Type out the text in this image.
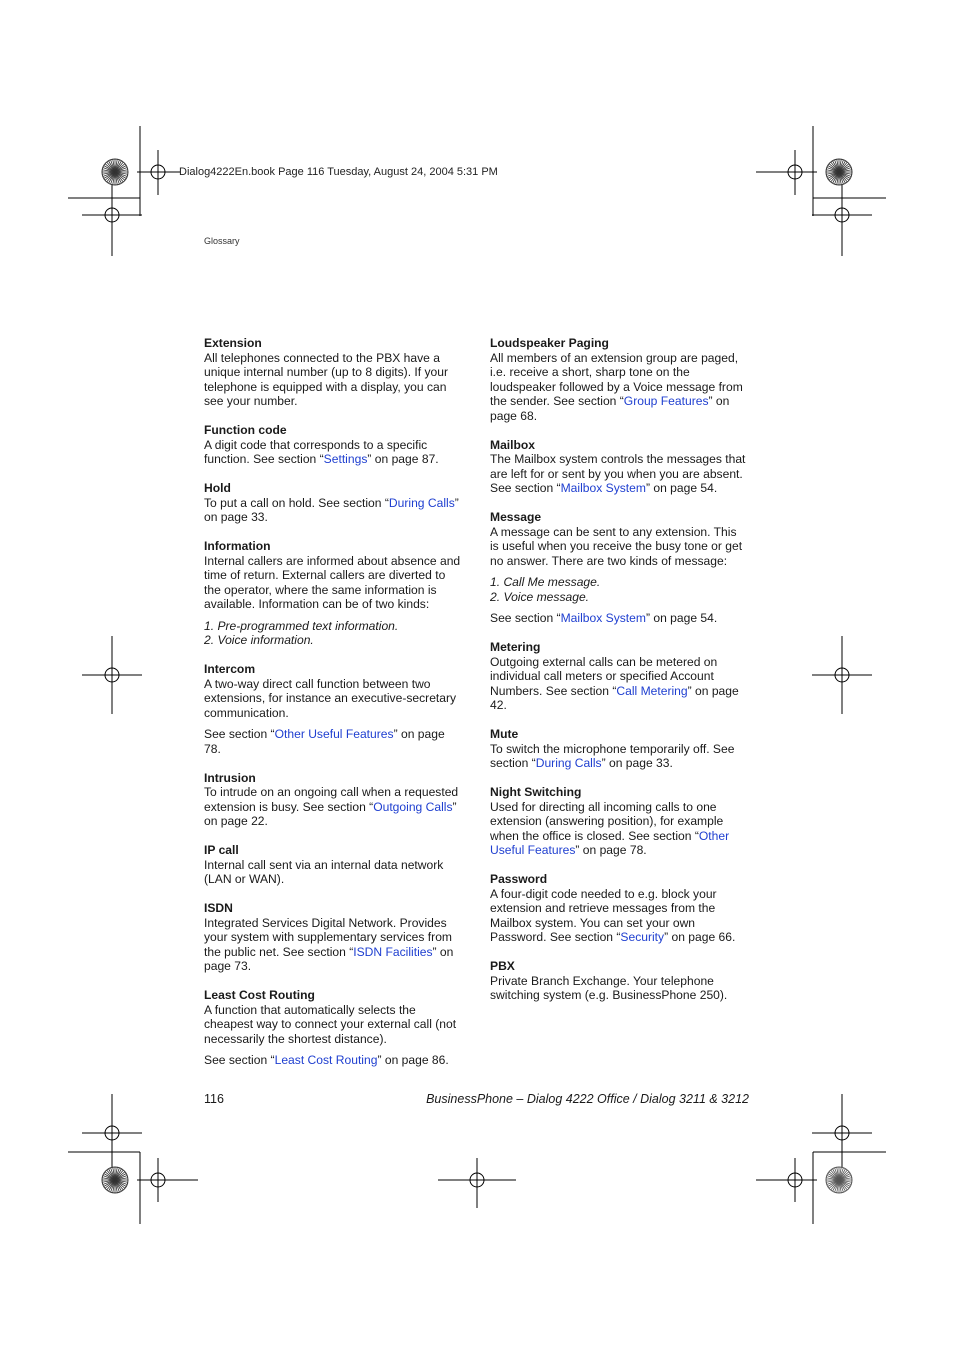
Dialog4222En.book Page 116 Tuesday, August 24, 2004 5:31 PM
Glossary
Extension

All telephones connected to the PBX have a unique internal number (up to 8 digits). If your telephone is equipped with a display, you can see your number.

Function code

A digit code that corresponds to a specific function. See section “Settings” on page 87.

Hold

To put a call on hold. See section “During Calls” on page 33.

Information

Internal callers are informed about absence and time of return. External callers are diverted to the operator, where the same information is available. Information can be of two kinds:

1. Pre-programmed text information.
2. Voice information.
Intercom

A two-way direct call function between two extensions, for instance an executive-secretary communication.

See section “Other Useful Features” on page 78.

Intrusion

To intrude on an ongoing call when a requested extension is busy. See section “Outgoing Calls” on page 22.

IP call

Internal call sent via an internal data network (LAN or WAN).

ISDN

Integrated Services Digital Network. Provides your system with supplementary services from the public net. See section “ISDN Facilities” on page 73.

Least Cost Routing

A function that automatically selects the cheapest way to connect your external call (not necessarily the shortest distance).

See section “Least Cost Routing” on page 86.

Loudspeaker Paging

All members of an extension group are paged, i.e. receive a short, sharp tone on the loudspeaker followed by a Voice message from the sender. See section “Group Features” on page 68.

Mailbox

The Mailbox system controls the messages that are left for or sent by you when you are absent. See section “Mailbox System” on page 54.

Message

A message can be sent to any extension. This is useful when you receive the busy tone or get no answer. There are two kinds of message:

1. Call Me message.
2. Voice message.

See section “Mailbox System” on page 54.

Metering

Outgoing external calls can be metered on individual call meters or specified Account Numbers. See section “Call Metering” on page 42.

Mute

To switch the microphone temporarily off. See section “During Calls” on page 33.

Night Switching

Used for directing all incoming calls to one extension (answering position), for example when the office is closed. See section “Other Useful Features” on page 78.

Password

A four-digit code needed to e.g. block your extension and retrieve messages from the Mailbox system. You can set your own Password. See section “Security” on page 66.

PBX

Private Branch Exchange. Your telephone switching system (e.g. BusinessPhone 250).

116	BusinessPhone – Dialog 4222 Office / Dialog 3211 & 3212
